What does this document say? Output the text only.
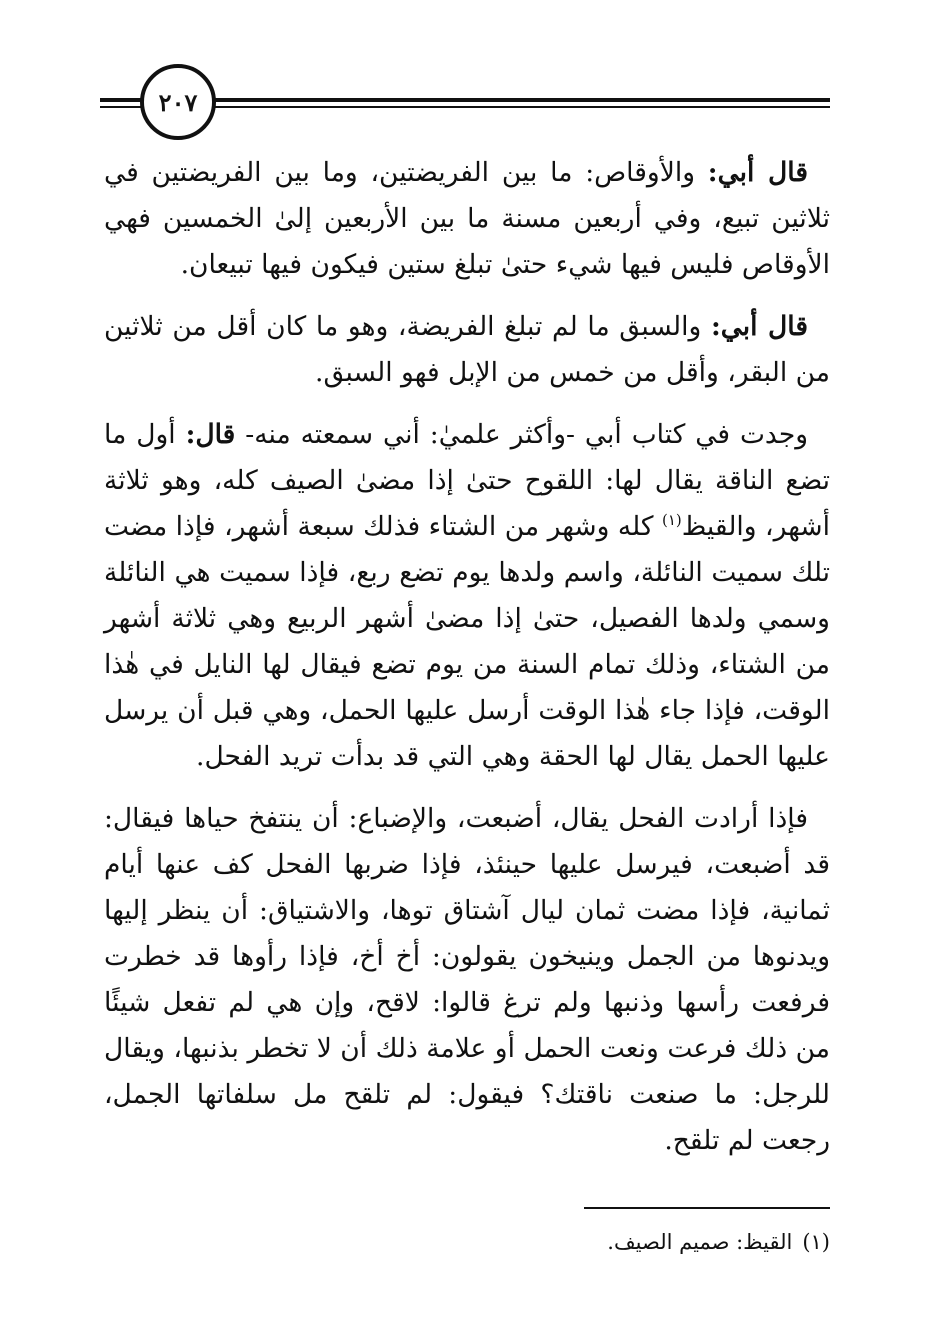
٢٠٧

قال أبي: والأوقاص: ما بين الفريضتين، وما بين الفريضتين في ثلاثين تبيع، وفي أربعين مسنة ما بين الأربعين إلىٰ الخمسين فهي الأوقاص فليس فيها شيء حتىٰ تبلغ ستين فيكون فيها تبيعان.

قال أبي: والسبق ما لم تبلغ الفريضة، وهو ما كان أقل من ثلاثين من البقر، وأقل من خمس من الإبل فهو السبق.

وجدت في كتاب أبي -وأكثر علميٰ: أني سمعته منه- قال: أول ما تضع الناقة يقال لها: اللقوح حتىٰ إذا مضىٰ الصيف كله، وهو ثلاثة أشهر، والقيظ$^{(١)}$ كله وشهر من الشتاء فذلك سبعة أشهر، فإذا مضت تلك سميت النائلة، واسم ولدها يوم تضع ربع، فإذا سميت هي النائلة وسمي ولدها الفصيل، حتىٰ إذا مضىٰ أشهر الربيع وهي ثلاثة أشهر من الشتاء، وذلك تمام السنة من يوم تضع فيقال لها النايل في هٰذا الوقت، فإذا جاء هٰذا الوقت أرسل عليها الحمل، وهي قبل أن يرسل عليها الحمل يقال لها الحقة وهي التي قد بدأت تريد الفحل.

فإذا أرادت الفحل يقال، أضبعت، والإضباع: أن ينتفخ حياها فيقال: قد أضبعت، فيرسل عليها حينئذ، فإذا ضربها الفحل كف عنها أيام ثمانية، فإذا مضت ثمان ليال آشتاق توها، والاشتياق: أن ينظر إليها ويدنوها من الجمل وينيخون يقولون: أخ أخ، فإذا رأوها قد خطرت فرفعت رأسها وذنبها ولم ترغ قالوا: لاقح، وإن هي لم تفعل شيئًا من ذلك فرعت ونعت الحمل أو علامة ذلك أن لا تخطر بذنبها، ويقال للرجل: ما صنعت ناقتك؟ فيقول: لم تلقح مل سلفاتها الجمل، رجعت لم تلقح.

(١)القيظ: صميم الصيف.
